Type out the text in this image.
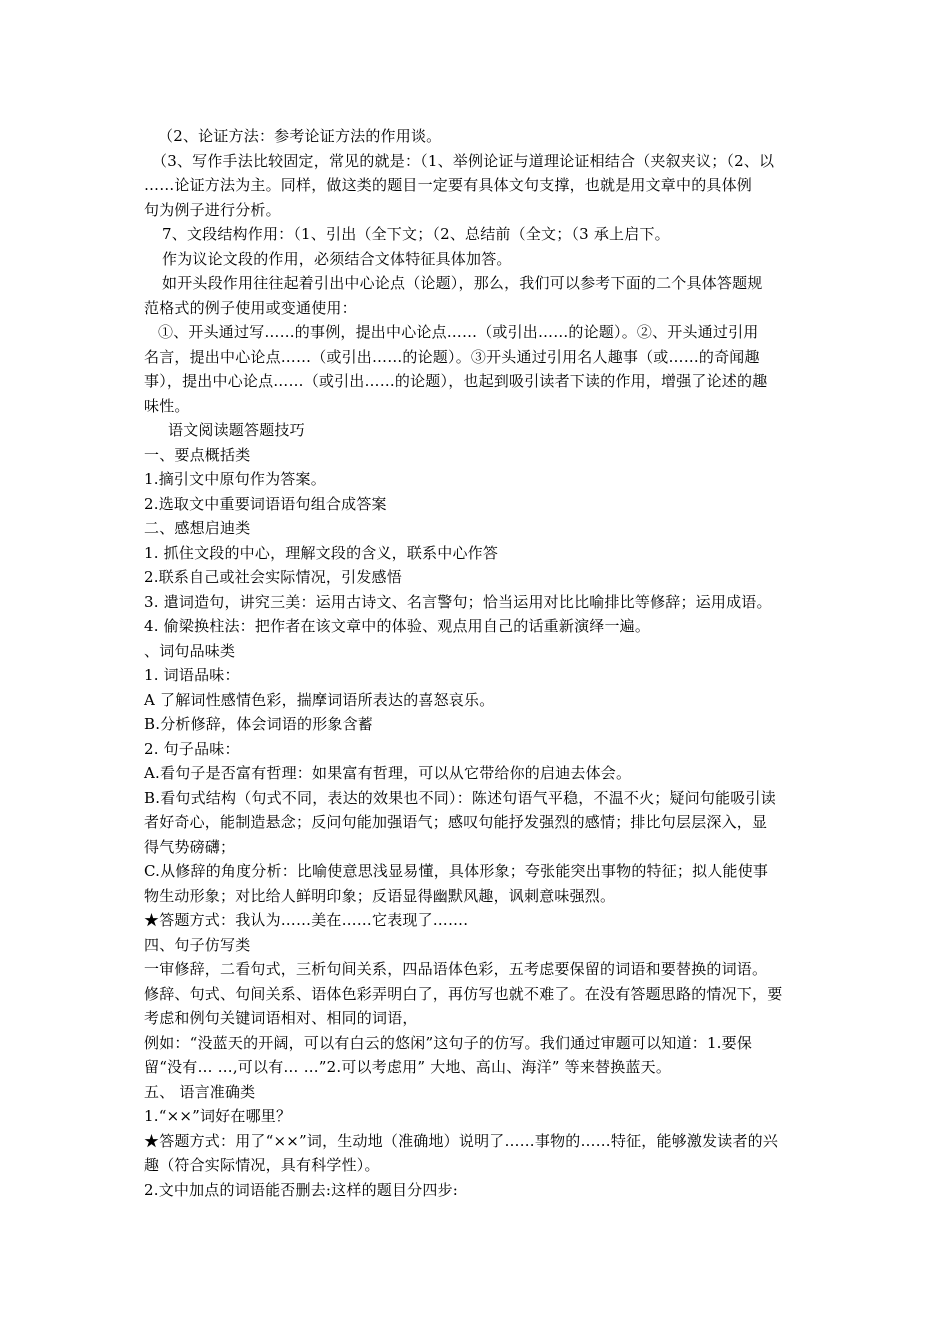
（2、论证方法：参考论证方法的作用谈。
（3、写作手法比较固定，常见的就是：（1、举例论证与道理论证相结合（夹叙夹议；（2、以
……论证方法为主。同样，做这类的题目一定要有具体文句支撑，也就是用文章中的具体例
句为例子进行分析。
7、文段结构作用：（1、引出（全下文；（2、总结前（全文；（3 承上启下。
作为议论文段的作用，必须结合文体特征具体加答。
如开头段作用往往起着引出中心论点（论题），那么，我们可以参考下面的二个具体答题规
范格式的例子使用或变通使用：
①、开头通过写……的事例，提出中心论点……（或引出……的论题）。②、开头通过引用
名言，提出中心论点……（或引出……的论题）。③开头通过引用名人趣事（或……的奇闻趣
事），提出中心论点……（或引出……的论题），也起到吸引读者下读的作用，增强了论述的趣
味性。
语文阅读题答题技巧
一、要点概括类
1.摘引文中原句作为答案。
2.选取文中重要词语语句组合成答案
二、感想启迪类
1. 抓住文段的中心，理解文段的含义，联系中心作答
2.联系自己或社会实际情况，引发感悟
3. 遣词造句，讲究三美：运用古诗文、名言警句；恰当运用对比比喻排比等修辞；运用成语。
4. 偷梁换柱法：把作者在该文章中的体验、观点用自己的话重新演绎一遍。
、词句品味类
1. 词语品味：
A 了解词性感情色彩，揣摩词语所表达的喜怒哀乐。
B.分析修辞，体会词语的形象含蓄
2. 句子品味：
A.看句子是否富有哲理：如果富有哲理，可以从它带给你的启迪去体会。
B.看句式结构（句式不同，表达的效果也不同）：陈述句语气平稳，不温不火；疑问句能吸引读
者好奇心，能制造悬念；反问句能加强语气；感叹句能抒发强烈的感情；排比句层层深入，显
得气势磅礴；
C.从修辞的角度分析：比喻使意思浅显易懂，具体形象；夸张能突出事物的特征；拟人能使事
物生动形象；对比给人鲜明印象；反语显得幽默风趣，讽刺意味强烈。
★答题方式：我认为……美在……它表现了…….
四、句子仿写类
一审修辞，二看句式，三析句间关系，四品语体色彩，五考虑要保留的词语和要替换的词语。
修辞、句式、句间关系、语体色彩弄明白了，再仿写也就不难了。在没有答题思路的情况下，要
考虑和例句关键词语相对、相同的词语，
例如：“没蓝天的开阔，可以有白云的悠闲”这句子的仿写。我们通过审题可以知道：1.要保
留“没有… …,可以有… …”2.可以考虑用” 大地、高山、海洋” 等来替换蓝天。
五、 语言准确类
1.“××”词好在哪里？
★答题方式：用了“××”词，生动地（准确地）说明了……事物的……特征，能够激发读者的兴
趣（符合实际情况，具有科学性）。
2.文中加点的词语能否删去:这样的题目分四步:
